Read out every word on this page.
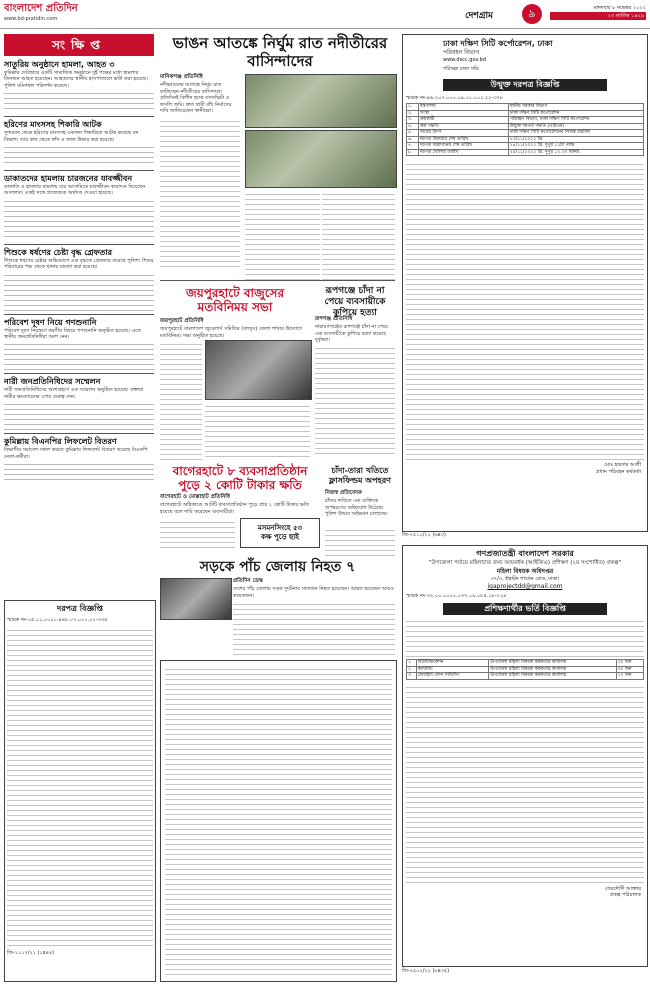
বাংলাদেশ প্রতিদিন
www.bd-pratidin.com	দেশগ্রাম	৯	মঙ্গলবার ৮ নভেম্বর ২০২২
২৩ কার্তিক ১৪২৯
সংক্ষিপ্ত
সাতুরিয় অনুষ্ঠানে হামলা, আহত ৩

কুমিল্লার দেবিদ্বারে একটি সামাজিক অনুষ্ঠানে দুই পক্ষের মধ্যে হামলায় তিনজন আহত হয়েছেন। আহতদের স্থানীয় হাসপাতালে ভর্তি করা হয়েছে। পুলিশ ঘটনাস্থল পরিদর্শন করেছে।

হরিণের মাংসসহ শিকারি আটক

সুন্দরবন থেকে হরিণের মাংসসহ একজন শিকারিকে আটক করেছে বন বিভাগ। তার কাছ থেকে ফাঁদ ও জাল উদ্ধার করা হয়েছে।

ডাকাতদের হামলায় চারজনের যাবজ্জীবন

ডাকাতি ও হামলার মামলায় চার আসামিকে যাবজ্জীবন কারাদণ্ড দিয়েছেন আদালত। একই সঙ্গে প্রত্যেককে অর্থদণ্ড দেওয়া হয়েছে।

শিশুকে ধর্ষণের চেষ্টা বৃদ্ধ গ্রেফতার

শিশুকে ধর্ষণের চেষ্টার অভিযোগে এক বৃদ্ধকে গ্রেফতার করেছে পুলিশ। শিশুর পরিবারের পক্ষ থেকে থানায় মামলা করা হয়েছে।

পরিবেশ দূষণ নিয়ে গণশুনানি

পরিবেশ দূষণ নিয়ন্ত্রণে করণীয় বিষয়ে গণশুনানি অনুষ্ঠিত হয়েছে। এতে স্থানীয় জনপ্রতিনিধিরা অংশ নেন।

নারী জনপ্রতিনিধিদের সম্মেলন

নারী জনপ্রতিনিধিদের অংশগ্রহণে এক সম্মেলন অনুষ্ঠিত হয়েছে। বক্তারা নারীর ক্ষমতায়নের ওপর গুরুত্ব দেন।

কুমিল্লায় বিএনপির লিফলেট বিতরণ

বিভাগীয় সমাবেশ সফল করতে কুমিল্লায় লিফলেট বিতরণ করেছে বিএনপি নেতা-কর্মীরা।

ভাঙন আতঙ্কে নির্ঘুম রাত নদীতীরের বাসিন্দাদের
মানিকগঞ্জ প্রতিনিধি
নদীভাঙনের আতঙ্কে নির্ঘুম রাত কাটাচ্ছেন নদীতীরের বাসিন্দারা। প্রতিদিনই বিলীন হচ্ছে বসতভিটা ও ফসলি জমি। দ্রুত স্থায়ী বাঁধ নির্মাণের দাবি জানিয়েছেন স্থানীয়রা।
জয়পুরহাটে বাজুসের মতবিনিময় সভা
জয়পুরহাট প্রতিনিধি
জয়পুরহাটে বাংলাদেশ জুয়েলার্স সমিতির (বাজুস) জেলা শাখার উদ্যোগে মতবিনিময় সভা অনুষ্ঠিত হয়েছে।
রূপগঞ্জে চাঁদা না পেয়ে ব্যবসায়ীকে কুপিয়ে হত্যা
রূপগঞ্জ প্রতিনিধি
নারায়ণগঞ্জের রূপগঞ্জে চাঁদা না পেয়ে এক ব্যবসায়ীকে কুপিয়ে হত্যা করেছে দুর্বৃত্তরা।
বাগেরহাটে ৮ ব্যবসাপ্রতিষ্ঠান পুড়ে ২ কোটি টাকার ক্ষতি
বাগেরহাট ও মোল্লাহাট প্রতিনিধি
বাগেরহাটে অগ্নিকাণ্ডে আটটি ব্যবসাপ্রতিষ্ঠান পুড়ে প্রায় ২ কোটি টাকার ক্ষতি হয়েছে বলে দাবি করেছেন ব্যবসায়ীরা।
মসমনসিংহে ৫৩
কক্ষ পুড়ে ছাই
চাঁদা-তারা খতিতে ফ্লাসফিল্ডম অপহরণ
নিজস্ব প্রতিবেদক
চাঁদার দাবিতে এক ব্যক্তিকে অপহরণের অভিযোগ উঠেছে। পুলিশ উদ্ধার অভিযান চালাচ্ছে।
সড়কে পাঁচ জেলায় নিহত ৭
প্রতিদিন ডেস্ক
দেশের পাঁচ জেলায় সড়ক দুর্ঘটনায় সাতজন নিহত হয়েছেন। আহত হয়েছেন আরও কয়েকজন।
দরপত্র বিজ্ঞপ্তি
স্মারক নং-১৫.০১.০০০০.৪৪৮.০৭.০০১.২২-৩৩৪
জি-১১১৭/২২ (১x৪৪)
ঢাকা দক্ষিণ সিটি কর্পোরেশন, ঢাকা
পরিবহন বিভাগ
www.dscc.gov.bd
পরিচ্ছন্ন ঢাকা গড়ি
উন্মুক্ত দরপত্র বিজ্ঞপ্তি
স্মারক নং-৪৬.২০৭.০০০.০৯.০১.০০২.২২-৩৭৮
১.	মন্ত্রণালয়	স্থানীয় সরকার বিভাগ
২.	সংস্থা	ঢাকা দক্ষিণ সিটি কর্পোরেশন
৩.	ক্রয়কারী	পরিবহন বিভাগ, ঢাকা দক্ষিণ সিটি কর্পোরেশন
৪.	ক্রয় পদ্ধতি	উন্মুক্ত দরপত্র পদ্ধতি (ওটিএম)
৫.	অর্থের উৎস	ঢাকা দক্ষিণ সিটি কর্পোরেশনের নিজস্ব তহবিল
৬.	দরপত্র বিক্রয়ের শেষ তারিখ	২৩/১১/২০২২ খ্রি.
৭.	দরপত্র জমাদানের শেষ তারিখ	২৪/১১/২০২২ খ্রি. দুপুর ১২টা পর্যন্ত
৮.	দরপত্র খোলার তারিখ	২৪/১১/২০২২ খ্রি. দুপুর ১২.৩০ মিনিট
মোঃ হায়দার আলী
প্রধান পরিবহন কর্মকর্তা
জি-২৫১০/২২ (৬x৩)
গণপ্রজাতন্ত্রী বাংলাদেশ সরকার
"উপজেলা পর্যায়ে মহিলাদের জন্য আয়বর্ধক (আইজিএ) প্রশিক্ষণ (২য় সংশোধিত) প্রকল্প"
মহিলা বিষয়ক অধিদপ্তর
৩৭/৩, ইস্কাটন গার্ডেন রোড, ঢাকা।
igaprojectdd@gmail.com
স্মারক নং-৩২.০০.০০০০.০৩৭.১৯.০৮৫.১৮-২২৯
প্রশিক্ষণার্থীর ভর্তি বিজ্ঞপ্তি
১	বিউটিফিকেশন	উপজেলা মহিলা বিষয়ক কর্মকর্তার কার্যালয়	৩০ জন
২	ক্যাটারিং	উপজেলা মহিলা বিষয়ক কর্মকর্তার কার্যালয়	৩০ জন
৩	মোবাইল ফোন সার্ভিসিং	উপজেলা মহিলা বিষয়ক কর্মকর্তার কার্যালয়	২০ জন
ফেরদৌসী আক্তার
প্রকল্প পরিচালক
জি-২৫০২/২২ (৮x৩৫)
